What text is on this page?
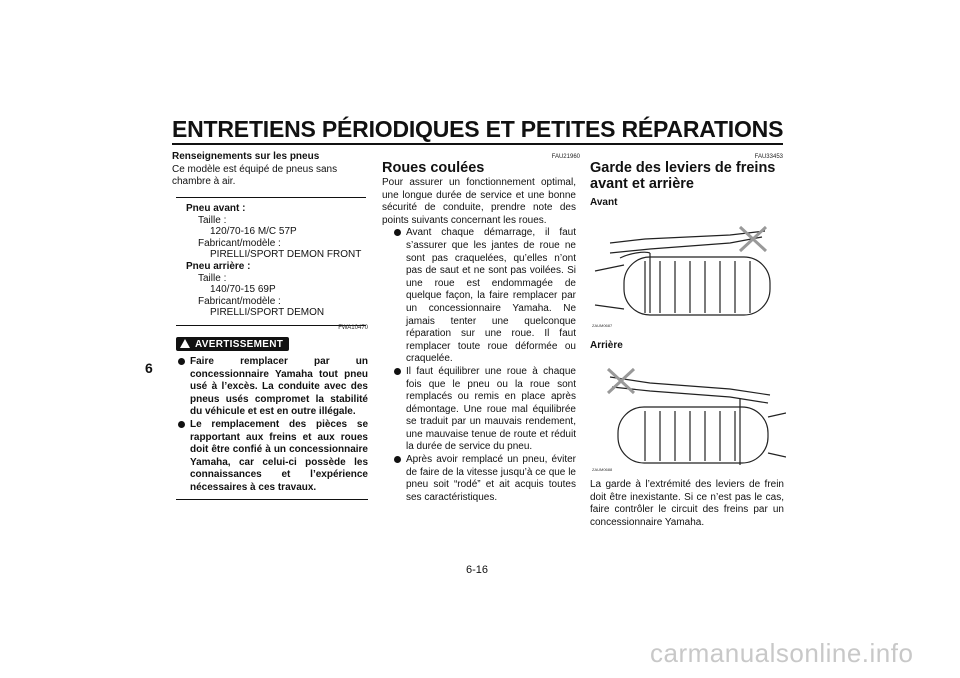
ENTRETIENS PÉRIODIQUES ET PETITES RÉPARATIONS
6

Renseignements sur les pneus

Ce modèle est équipé de pneus sans chambre à air.

Pneu avant :
Taille :
120/70-16 M/C 57P
Fabricant/modèle :
PIRELLI/SPORT DEMON FRONT
Pneu arrière :
Taille :
140/70-15 69P
Fabricant/modèle :
PIRELLI/SPORT DEMON
FWA10470
AVERTISSEMENT
Faire remplacer par un concessionnaire Yamaha tout pneu usé à l’excès. La conduite avec des pneus usés compromet la stabilité du véhicule et est en outre illégale.
Le remplacement des pièces se rapportant aux freins et aux roues doit être confié à un concessionnaire Yamaha, car celui-ci possède les connaissances et l’expérience nécessaires à ces travaux.
FAU21960

Roues coulées

Pour assurer un fonctionnement optimal, une longue durée de service et une bonne sécurité de conduite, prendre note des points suivants concernant les roues.

Avant chaque démarrage, il faut s’assurer que les jantes de roue ne sont pas craquelées, qu’elles n’ont pas de saut et ne sont pas voilées. Si une roue est endommagée de quelque façon, la faire remplacer par un concessionnaire Yamaha. Ne jamais tenter une quelconque réparation sur une roue. Il faut remplacer toute roue déformée ou craquelée.
Il faut équilibrer une roue à chaque fois que le pneu ou la roue sont remplacés ou remis en place après démontage. Une roue mal équilibrée se traduit par un mauvais rendement, une mauvaise tenue de route et réduit la durée de service du pneu.
Après avoir remplacé un pneu, éviter de faire de la vitesse jusqu’à ce que le pneu soit “rodé” et ait acquis toutes ses caractéristiques.
FAU33453

Garde des leviers de freins avant et arrière

Avant
ZAUM0687
Arrière
ZAUM0688
La garde à l’extrémité des leviers de frein doit être inexistante. Si ce n’est pas le cas, faire contrôler le circuit des freins par un concessionnaire Yamaha.
6-16
carmanualsonline.info
